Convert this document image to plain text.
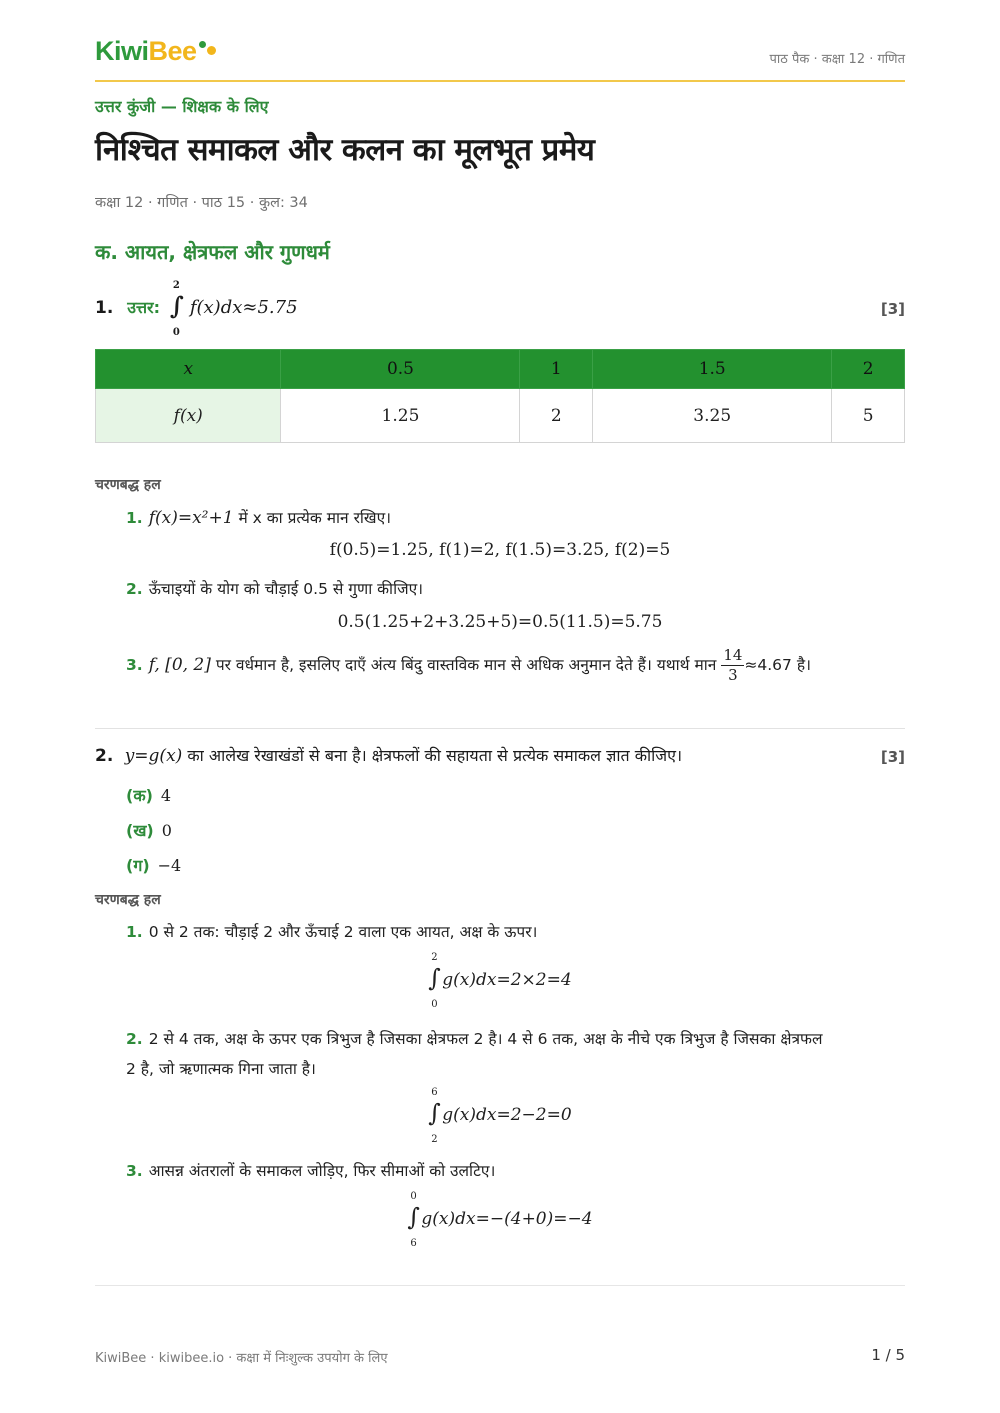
KiwiBee	पाठ पैक · कक्षा 12 · गणित
उत्तर कुंजी — शिक्षक के लिए
निश्चित समाकल और कलन का मूलभूत प्रमेय
कक्षा 12 · गणित · पाठ 15 · कुल: 34
क. आयत, क्षेत्रफल और गुणधर्म
1. उत्तर:
2
∫
0
f(x)dx≈5.75	[3]
x	0.5	1	1.5	2
f(x)	1.25	2	3.25	5
चरणबद्ध हल
1. f(x)=x²+1 में x का प्रत्येक मान रखिए।
f(0.5)=1.25, f(1)=2, f(1.5)=3.25, f(2)=5
2. ऊँचाइयों के योग को चौड़ाई 0.5 से गुणा कीजिए।
0.5(1.25+2+3.25+5)=0.5(11.5)=5.75
3. f, [0, 2] पर वर्धमान है, इसलिए दाएँ अंत्य बिंदु वास्तविक मान से अधिक अनुमान देते हैं। यथार्थ मान $\frac{14}{3} \approx 4.67$ है।
2. y=g(x) का आलेख रेखाखंडों से बना है। क्षेत्रफलों की सहायता से प्रत्येक समाकल ज्ञात कीजिए।	[3]
(क) 4
(ख) 0
(ग) −4
चरणबद्ध हल
1. 0 से 2 तक: चौड़ाई 2 और ऊँचाई 2 वाला एक आयत, अक्ष के ऊपर।
2
∫
0
g(x)dx=2×2=4
2. 2 से 4 तक, अक्ष के ऊपर एक त्रिभुज है जिसका क्षेत्रफल 2 है। 4 से 6 तक, अक्ष के नीचे एक त्रिभुज है जिसका क्षेत्रफल
2 है, जो ऋणात्मक गिना जाता है।
6
∫
2
g(x)dx=2−2=0
3. आसन्न अंतरालों के समाकल जोड़िए, फिर सीमाओं को उलटिए।
0
∫
6
g(x)dx=−(4+0)=−4
KiwiBee · kiwibee.io · कक्षा में निःशुल्क उपयोग के लिए	1 / 5
